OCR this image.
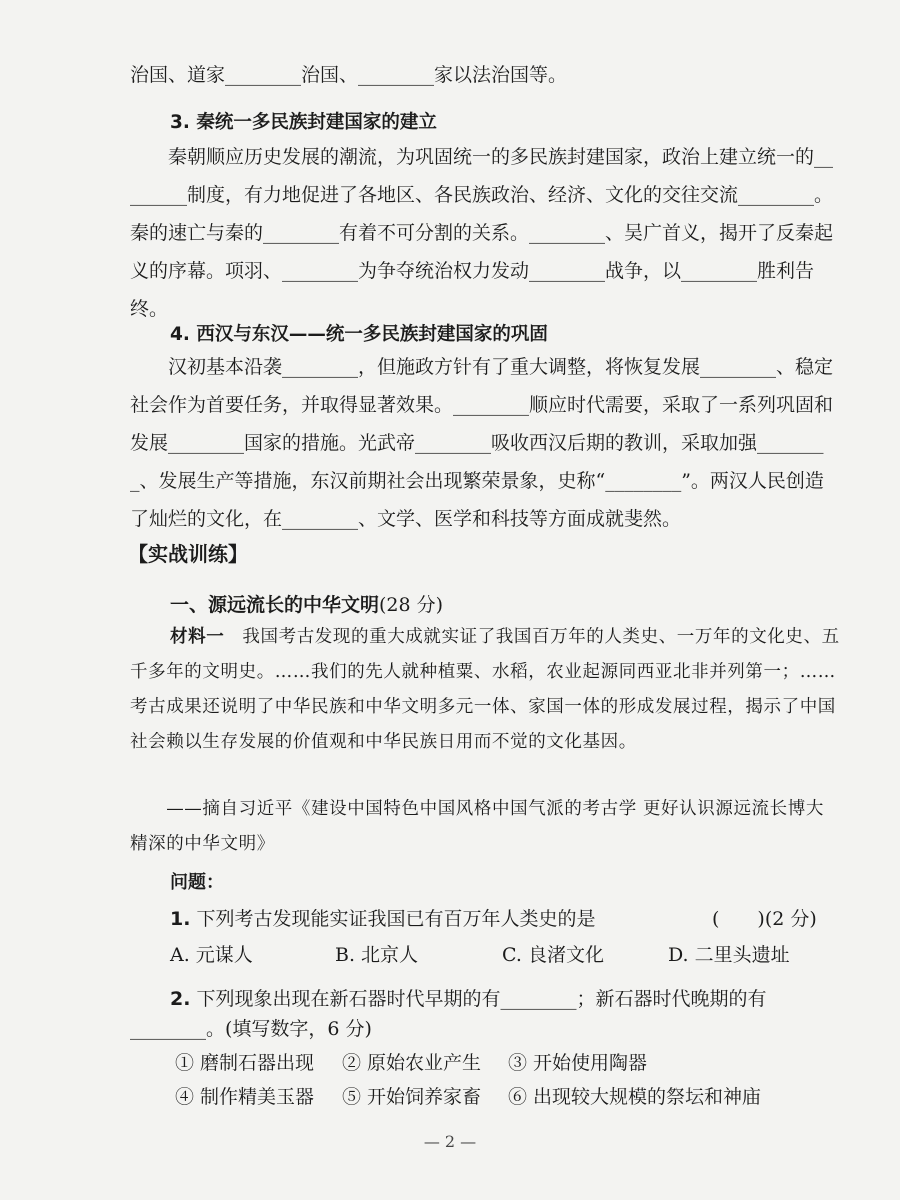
治国、道家________治国、________家以法治国等。

3. 秦统一多民族封建国家的建立

　　秦朝顺应历史发展的潮流，为巩固统一的多民族封建国家，政治上建立统一的________制度，有力地促进了各地区、各民族政治、经济、文化的交往交流________。秦的速亡与秦的________有着不可分割的关系。________、吴广首义，揭开了反秦起义的序幕。项羽、________为争夺统治权力发动________战争，以________胜利告终。

4. 西汉与东汉——统一多民族封建国家的巩固

　　汉初基本沿袭________，但施政方针有了重大调整，将恢复发展________、稳定社会作为首要任务，并取得显著效果。________顺应时代需要，采取了一系列巩固和发展________国家的措施。光武帝________吸收西汉后期的教训，采取加强________、发展生产等措施，东汉前期社会出现繁荣景象，史称“________”。两汉人民创造了灿烂的文化，在________、文学、医学和科技等方面成就斐然。

【实战训练】

一、源远流长的中华文明(28 分)

材料一　我国考古发现的重大成就实证了我国百万年的人类史、一万年的文化史、五千多年的文明史。……我们的先人就种植粟、水稻，农业起源同西亚北非并列第一；……考古成果还说明了中华民族和中华文明多元一体、家国一体的形成发展过程，揭示了中国社会赖以生存发展的价值观和中华民族日用而不觉的文化基因。

　　——摘自习近平《建设中国特色中国风格中国气派的考古学 更好认识源远流长博大精深的中华文明》

问题：

1. 下列考古发现能实证我国已有百万年人类史的是	(　　)(2 分)

A. 元谋人	B. 北京人	C. 良渚文化	D. 二里头遗址

2. 下列现象出现在新石器时代早期的有________；新石器时代晚期的有

________。(填写数字，6 分)

① 磨制石器出现 ② 原始农业产生 ③ 开始使用陶器
④ 制作精美玉器 ⑤ 开始饲养家畜 ⑥ 出现较大规模的祭坛和神庙
— 2 —
